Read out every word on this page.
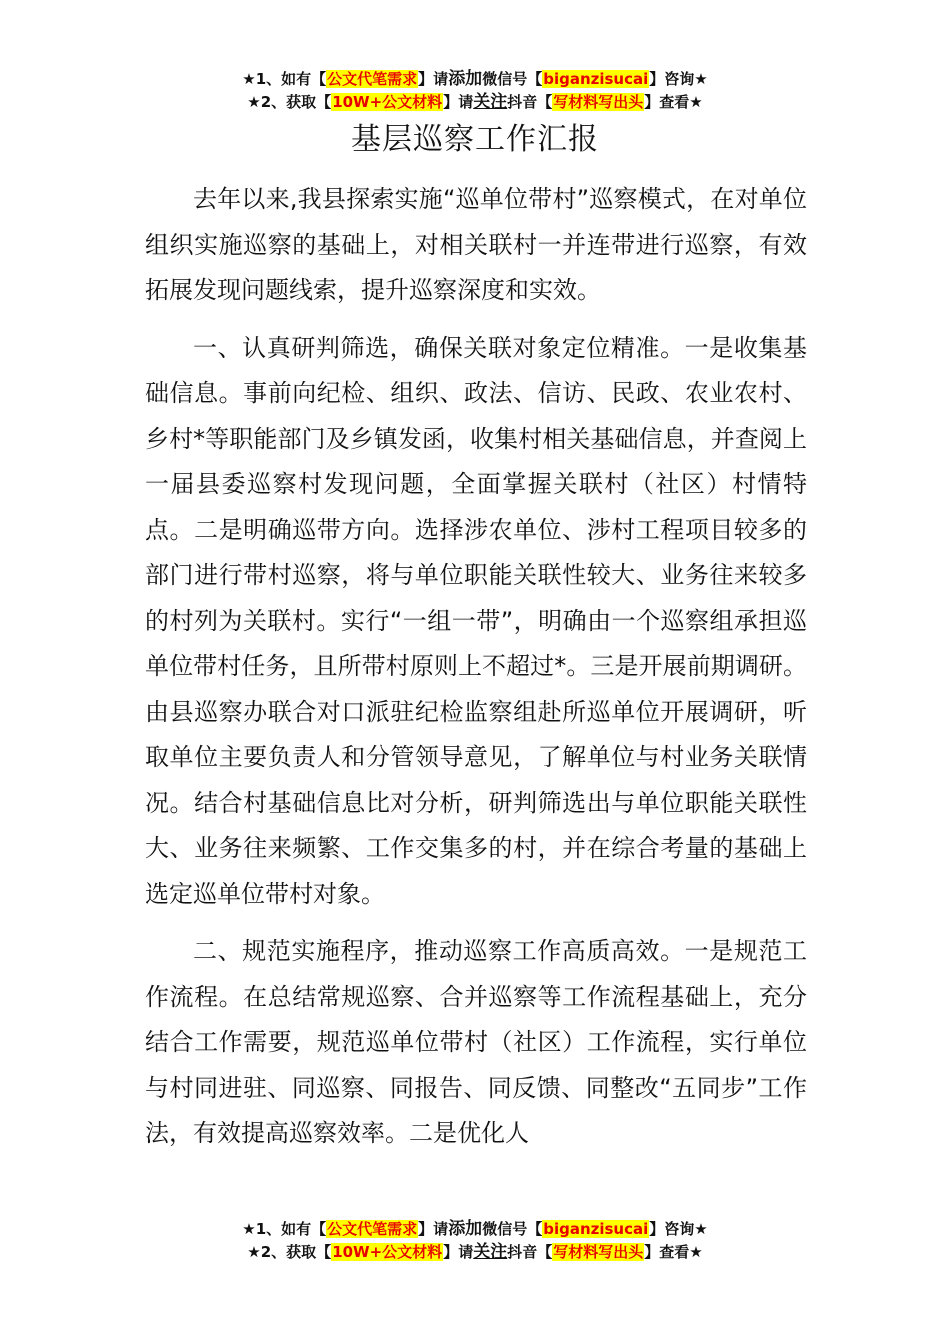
★1、如有【公文代笔需求】请添加微信号【biganzisucai】咨询★
★2、获取【10W+公文材料】请关注抖音【写材料写出头】查看★
基层巡察工作汇报

去年以来,我县探索实施“巡单位带村”巡察模式，在对单位组织实施巡察的基础上，对相关联村一并连带进行巡察，有效拓展发现问题线索，提升巡察深度和实效。

一、认真研判筛选，确保关联对象定位精准。一是收集基础信息。事前向纪检、组织、政法、信访、民政、农业农村、乡村*等职能部门及乡镇发函，收集村相关基础信息，并查阅上一届县委巡察村发现问题，全面掌握关联村（社区）村情特点。二是明确巡带方向。选择涉农单位、涉村工程项目较多的部门进行带村巡察，将与单位职能关联性较大、业务往来较多的村列为关联村。实行“一组一带”，明确由一个巡察组承担巡单位带村任务，且所带村原则上不超过*。三是开展前期调研。由县巡察办联合对口派驻纪检监察组赴所巡单位开展调研，听取单位主要负责人和分管领导意见，了解单位与村业务关联情况。结合村基础信息比对分析，研判筛选出与单位职能关联性大、业务往来频繁、工作交集多的村，并在综合考量的基础上选定巡单位带村对象。

二、规范实施程序，推动巡察工作高质高效。一是规范工作流程。在总结常规巡察、合并巡察等工作流程基础上，充分结合工作需要，规范巡单位带村（社区）工作流程，实行单位与村同进驻、同巡察、同报告、同反馈、同整改“五同步”工作法，有效提高巡察效率。二是优化人

★1、如有【公文代笔需求】请添加微信号【biganzisucai】咨询★
★2、获取【10W+公文材料】请关注抖音【写材料写出头】查看★
